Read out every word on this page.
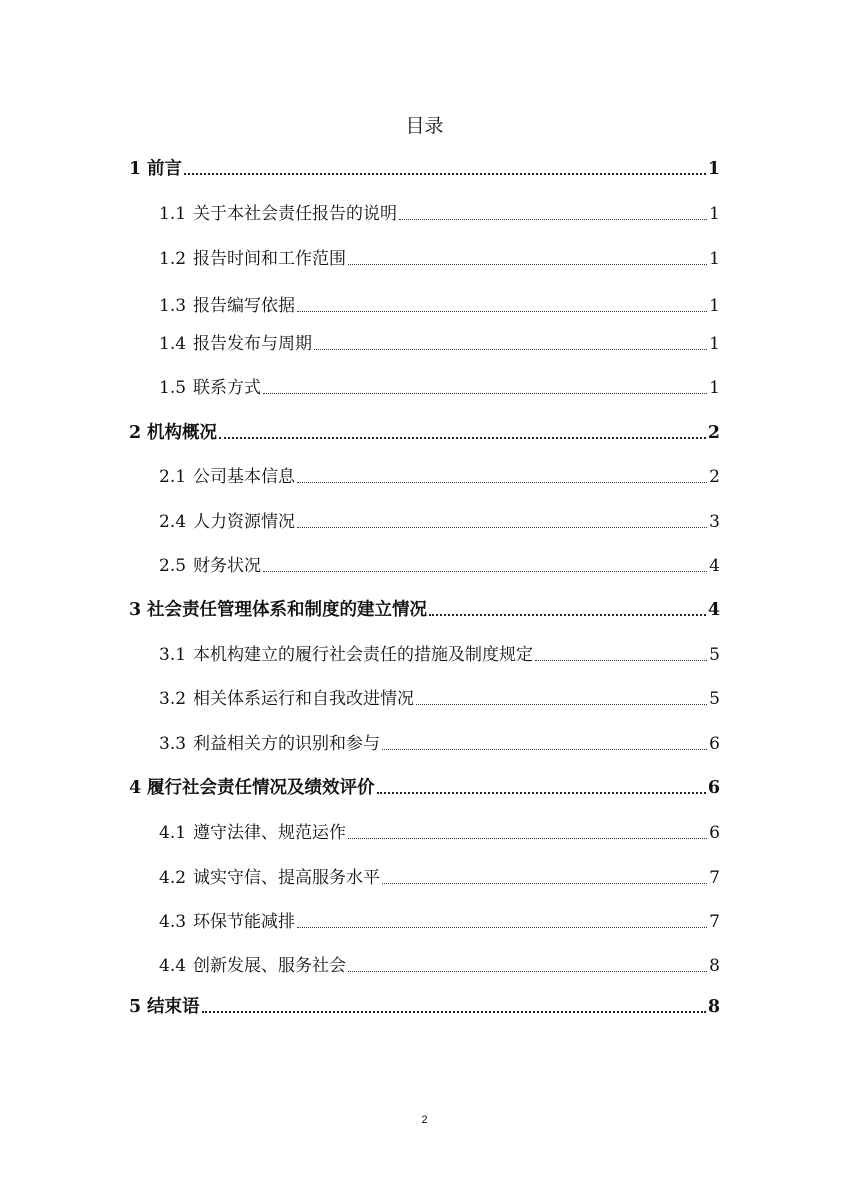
目录
1 前言	1
1.1 关于本社会责任报告的说明	1
1.2 报告时间和工作范围	1
1.3 报告编写依据	1
1.4 报告发布与周期	1
1.5 联系方式	1
2 机构概况	2
2.1 公司基本信息	2
2.4 人力资源情况	3
2.5 财务状况	4
3 社会责任管理体系和制度的建立情况	4
3.1 本机构建立的履行社会责任的措施及制度规定	5
3.2 相关体系运行和自我改进情况	5
3.3 利益相关方的识别和参与	6
4 履行社会责任情况及绩效评价	6
4.1 遵守法律、规范运作	6
4.2 诚实守信、提高服务水平	7
4.3 环保节能减排	7
4.4 创新发展、服务社会	8
5 结束语	8
2
